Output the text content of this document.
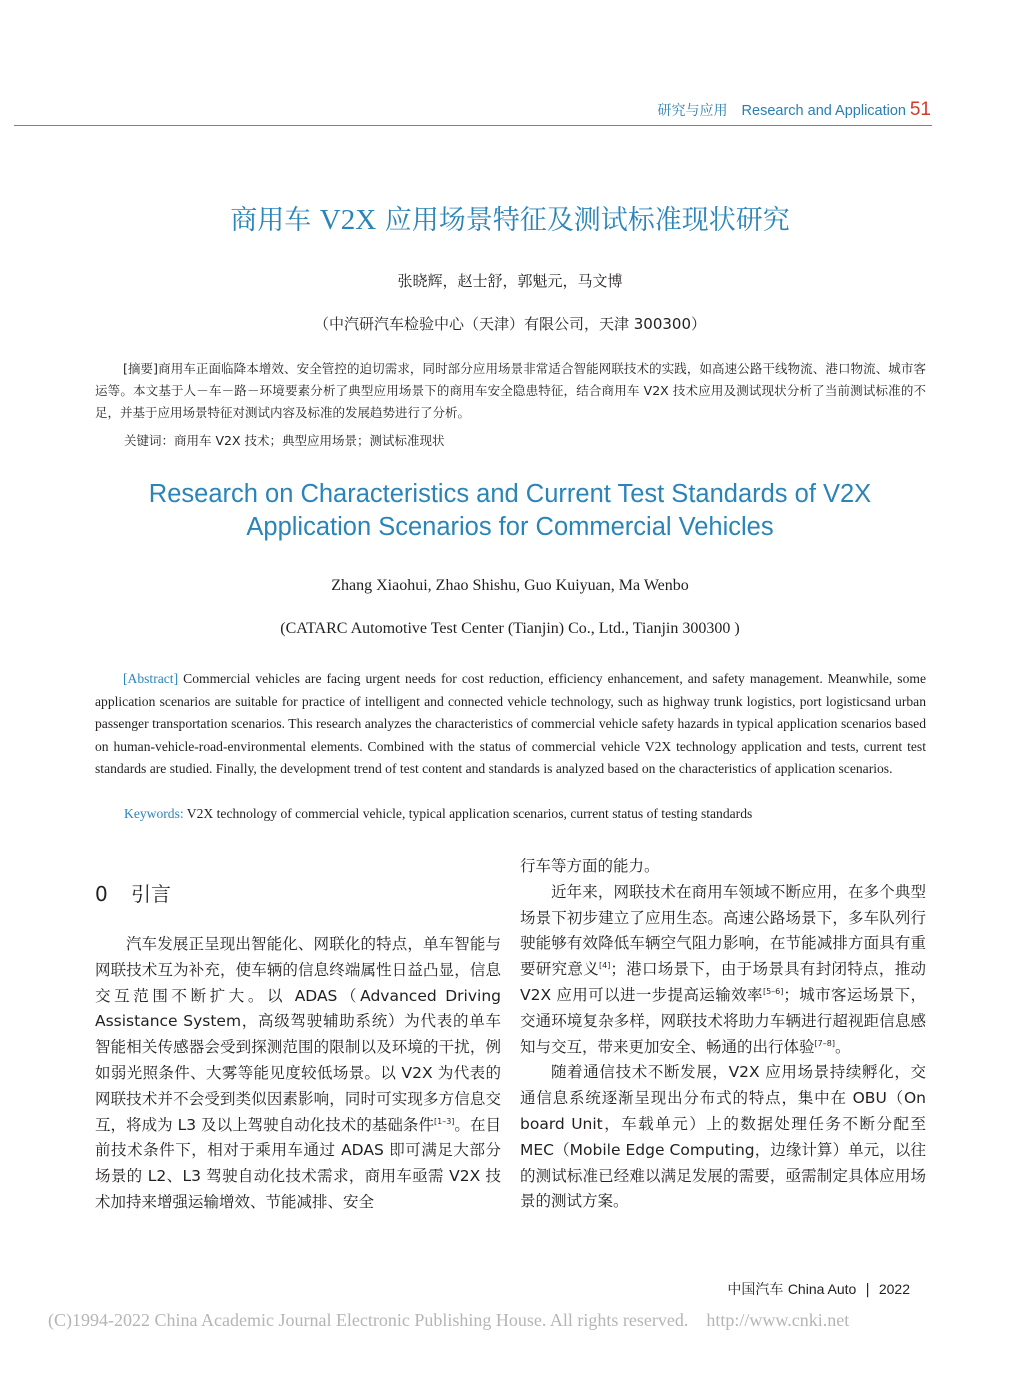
研究与应用 Research and Application 51
商用车 V2X 应用场景特征及测试标准现状研究
张晓辉，赵士舒，郭魁元，马文博
（中汽研汽车检验中心（天津）有限公司，天津 300300）
[摘要]商用车正面临降本增效、安全管控的迫切需求，同时部分应用场景非常适合智能网联技术的实践，如高速公路干线物流、港口物流、城市客运等。本文基于人－车－路－环境要素分析了典型应用场景下的商用车安全隐患特征，结合商用车 V2X 技术应用及测试现状分析了当前测试标准的不足，并基于应用场景特征对测试内容及标准的发展趋势进行了分析。
关键词：商用车 V2X 技术；典型应用场景；测试标准现状
Research on Characteristics and Current Test Standards of V2X
Application Scenarios for Commercial Vehicles
Zhang Xiaohui, Zhao Shishu, Guo Kuiyuan, Ma Wenbo
(CATARC Automotive Test Center (Tianjin) Co., Ltd., Tianjin 300300 )
[Abstract] Commercial vehicles are facing urgent needs for cost reduction, efficiency enhancement, and safety management. Meanwhile, some application scenarios are suitable for practice of intelligent and connected vehicle technology, such as highway trunk logistics, port logisticsand urban passenger transportation scenarios. This research analyzes the characteristics of commercial vehicle safety hazards in typical application scenarios based on human-vehicle-road-environmental elements. Combined with the status of commercial vehicle V2X technology application and tests, current test standards are studied. Finally, the development trend of test content and standards is analyzed based on the characteristics of application scenarios.
Keywords: V2X technology of commercial vehicle, typical application scenarios, current status of testing standards
0 引言

汽车发展正呈现出智能化、网联化的特点，单车智能与网联技术互为补充，使车辆的信息终端属性日益凸显，信息交互范围不断扩大。以 ADAS（Advanced Driving Assistance System，高级驾驶辅助系统）为代表的单车智能相关传感器会受到探测范围的限制以及环境的干扰，例如弱光照条件、大雾等能见度较低场景。以 V2X 为代表的网联技术并不会受到类似因素影响，同时可实现多方信息交互，将成为 L3 及以上驾驶自动化技术的基础条件[1–3]。在目前技术条件下，相对于乘用车通过 ADAS 即可满足大部分场景的 L2、L3 驾驶自动化技术需求，商用车亟需 V2X 技术加持来增强运输增效、节能减排、安全

行车等方面的能力。

近年来，网联技术在商用车领域不断应用，在多个典型场景下初步建立了应用生态。高速公路场景下，多车队列行驶能够有效降低车辆空气阻力影响，在节能减排方面具有重要研究意义[4]；港口场景下，由于场景具有封闭特点，推动 V2X 应用可以进一步提高运输效率[5–6]；城市客运场景下，交通环境复杂多样，网联技术将助力车辆进行超视距信息感知与交互，带来更加安全、畅通的出行体验[7–8]。

随着通信技术不断发展，V2X 应用场景持续孵化，交通信息系统逐渐呈现出分布式的特点，集中在 OBU（On board Unit，车载单元）上的数据处理任务不断分配至 MEC（Mobile Edge Computing，边缘计算）单元，以往的测试标准已经难以满足发展的需要，亟需制定具体应用场景的测试方案。

中国汽车 China Auto | 2022
(C)1994-2022 China Academic Journal Electronic Publishing House. All rights reserved. http://www.cnki.net
